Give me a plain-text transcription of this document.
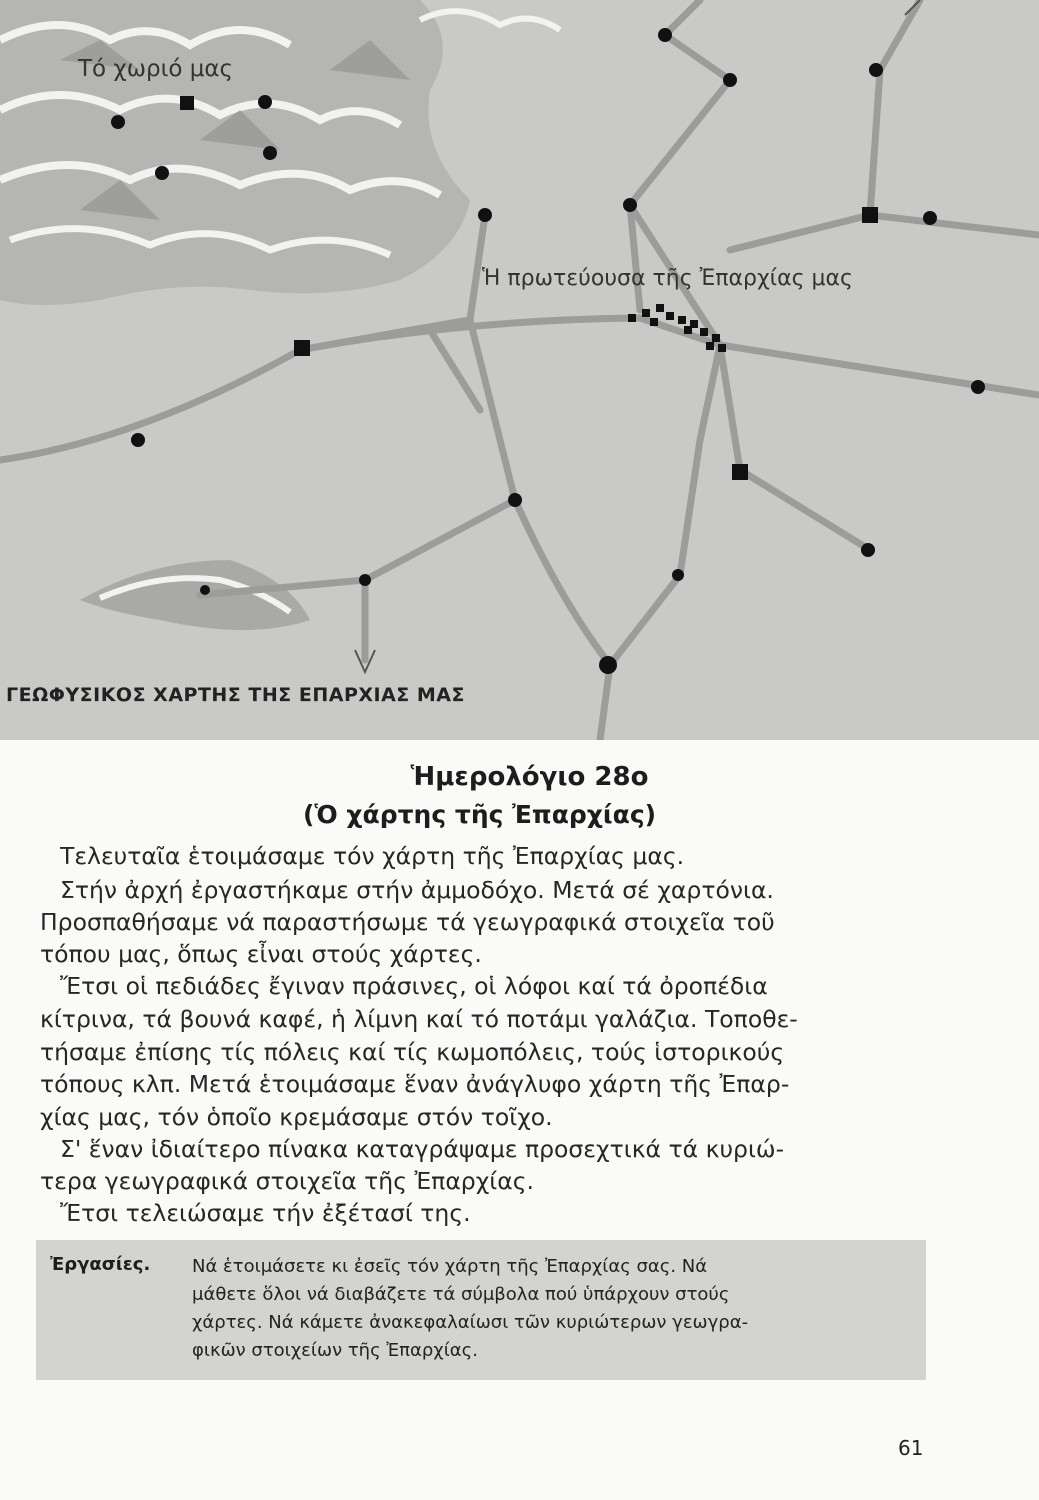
Τό χωριό μας
Ἡ πρωτεύουσα τῆς Ἐπαρχίας μας
ΓΕΩΦΥΣΙΚΟΣ ΧΑΡΤΗΣ ΤΗΣ ΕΠΑΡΧΙΑΣ ΜΑΣ
Ἡμερολόγιο 28ο
(Ὁ χάρτης τῆς Ἐπαρχίας)
Τελευταῖα ἑτοιμάσαμε τόν χάρτη τῆς Ἐπαρχίας μας.
Στήν ἀρχή ἐργαστήκαμε στήν ἀμμοδόχο. Μετά σέ χαρτόνια.
Προσπαθήσαμε νά παραστήσωμε τά γεωγραφικά στοιχεῖα τοῦ
τόπου μας, ὅπως εἶναι στούς χάρτες.
Ἔτσι οἱ πεδιάδες ἔγιναν πράσινες, οἱ λόφοι καί τά ὀροπέδια
κίτρινα, τά βουνά καφέ, ἡ λίμνη καί τό ποτάμι γαλάζια. Τοποθε-
τήσαμε ἐπίσης τίς πόλεις καί τίς κωμοπόλεις, τούς ἱστορικούς
τόπους κλπ. Μετά ἑτοιμάσαμε ἕναν ἀνάγλυφο χάρτη τῆς Ἐπαρ-
χίας μας, τόν ὁποῖο κρεμάσαμε στόν τοῖχο.
Σ' ἕναν ἰδιαίτερο πίνακα καταγράψαμε προσεχτικά τά κυριώ-
τερα γεωγραφικά στοιχεῖα τῆς Ἐπαρχίας.
Ἔτσι τελειώσαμε τήν ἐξέτασί της.
Ἐργασίες. Νά ἑτοιμάσετε κι ἐσεῖς τόν χάρτη τῆς Ἐπαρχίας σας. Νά
μάθετε ὅλοι νά διαβάζετε τά σύμβολα πού ὑπάρχουν στούς
χάρτες. Νά κάμετε ἀνακεφαλαίωσι τῶν κυριώτερων γεωγρα-
φικῶν στοιχείων τῆς Ἐπαρχίας.
61
